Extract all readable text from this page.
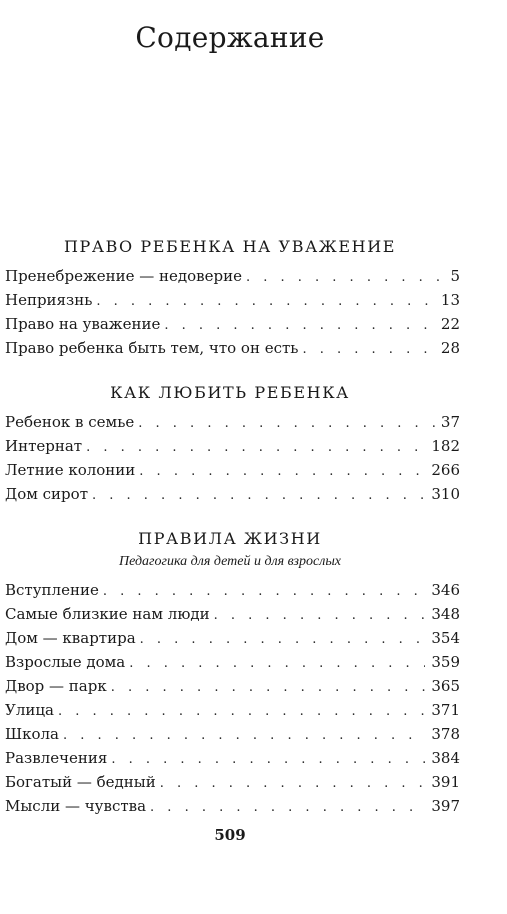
Содержание
ПРАВО РЕБЕНКА НА УВАЖЕНИЕ
Пренебрежение — недоверие . . .	5
Неприязнь . . .	13
Право на уважение . . .	22
Право ребенка быть тем, что он есть . . .	28
КАК ЛЮБИТЬ РЕБЕНКА
Ребенок в семье . . .	37
Интернат . . .	182
Летние колонии . . .	266
Дом сирот . . .	310
ПРАВИЛА ЖИЗНИ
Педагогика для детей и для взрослых
Вступление . . .	346
Самые близкие нам люди . . .	348
Дом — квартира . . .	354
Взрослые дома . . .	359
Двор — парк . . .	365
Улица . . .	371
Школа . . .	378
Развлечения . . .	384
Богатый — бедный . . .	391
Мысли — чувства . . .	397
509
